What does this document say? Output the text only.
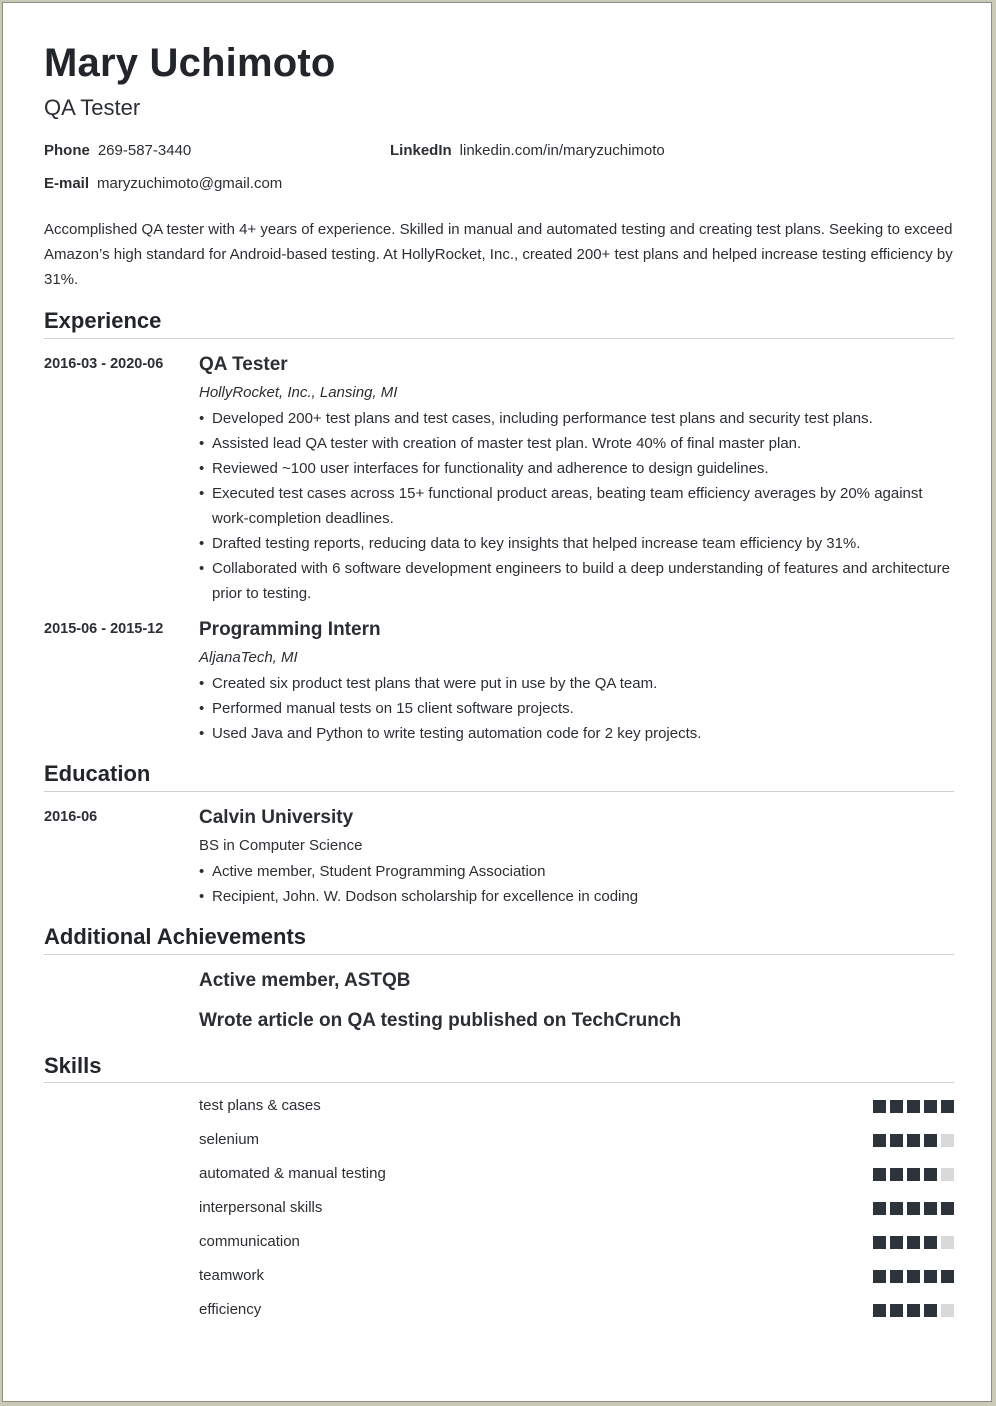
Mary Uchimoto
QA Tester
Phone 269-587-3440	LinkedIn linkedin.com/in/maryzuchimoto
E-mail maryzuchimoto@gmail.com
Accomplished QA tester with 4+ years of experience. Skilled in manual and automated testing and creating test plans. Seeking to exceed Amazon’s high standard for Android-based testing. At HollyRocket, Inc., created 200+ test plans and helped increase testing efficiency by 31%.
Experience
2016-03 - 2020-06 QA Tester
HollyRocket, Inc., Lansing, MI
• Developed 200+ test plans and test cases, including performance test plans and security test plans.
• Assisted lead QA tester with creation of master test plan. Wrote 40% of final master plan.
• Reviewed ~100 user interfaces for functionality and adherence to design guidelines.
• Executed test cases across 15+ functional product areas, beating team efficiency averages by 20% against work-completion deadlines.
• Drafted testing reports, reducing data to key insights that helped increase team efficiency by 31%.
• Collaborated with 6 software development engineers to build a deep understanding of features and architecture prior to testing.
2015-06 - 2015-12 Programming Intern
AljanaTech, MI
• Created six product test plans that were put in use by the QA team.
• Performed manual tests on 15 client software projects.
• Used Java and Python to write testing automation code for 2 key projects.
Education
2016-06	Calvin University
BS in Computer Science
• Active member, Student Programming Association
• Recipient, John. W. Dodson scholarship for excellence in coding
Additional Achievements
Active member, ASTQB
Wrote article on QA testing published on TechCrunch
Skills
test plans & cases
selenium
automated & manual testing
interpersonal skills
communication
teamwork
efficiency
